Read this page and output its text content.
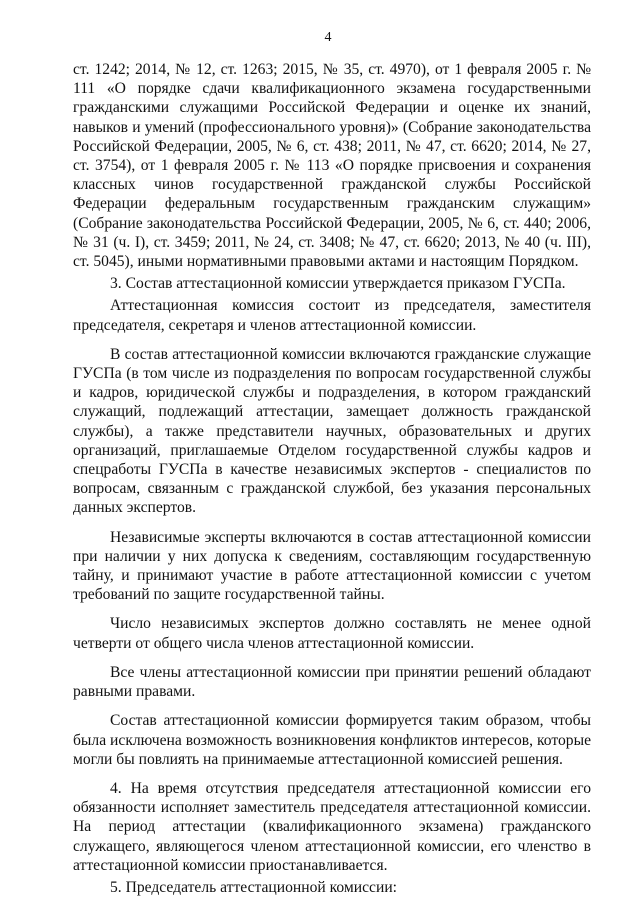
4

ст. 1242; 2014, № 12, ст. 1263; 2015, № 35, ст. 4970), от 1 февраля 2005 г. № 111 «О порядке сдачи квалификационного экзамена государственными гражданскими служащими Российской Федерации и оценке их знаний, навыков и умений (профессионального уровня)» (Собрание законодательства Российской Федерации, 2005, № 6, ст. 438; 2011, № 47, ст. 6620; 2014, № 27, ст. 3754), от 1 февраля 2005 г. № 113 «О порядке присвоения и сохранения классных чинов государственной гражданской службы Российской Федерации федеральным государственным гражданским служащим» (Собрание законодательства Российской Федерации, 2005, № 6, ст. 440; 2006, № 31 (ч. I), ст. 3459; 2011, № 24, ст. 3408; № 47, ст. 6620; 2013, № 40 (ч. III), ст. 5045), иными нормативными правовыми актами и настоящим Порядком.

3. Состав аттестационной комиссии утверждается приказом ГУСПа.

Аттестационная комиссия состоит из председателя, заместителя председателя, секретаря и членов аттестационной комиссии.

В состав аттестационной комиссии включаются гражданские служащие ГУСПа (в том числе из подразделения по вопросам государственной службы и кадров, юридической службы и подразделения, в котором гражданский служащий, подлежащий аттестации, замещает должность гражданской службы), а также представители научных, образовательных и других организаций, приглашаемые Отделом государственной службы кадров и спецработы ГУСПа в качестве независимых экспертов - специалистов по вопросам, связанным с гражданской службой, без указания персональных данных экспертов.

Независимые эксперты включаются в состав аттестационной комиссии при наличии у них допуска к сведениям, составляющим государственную тайну, и принимают участие в работе аттестационной комиссии с учетом требований по защите государственной тайны.

Число независимых экспертов должно составлять не менее одной четверти от общего числа членов аттестационной комиссии.

Все члены аттестационной комиссии при принятии решений обладают равными правами.

Состав аттестационной комиссии формируется таким образом, чтобы была исключена возможность возникновения конфликтов интересов, которые могли бы повлиять на принимаемые аттестационной комиссией решения.

4. На время отсутствия председателя аттестационной комиссии его обязанности исполняет заместитель председателя аттестационной комиссии. На период аттестации (квалификационного экзамена) гражданского служащего, являющегося членом аттестационной комиссии, его членство в аттестационной комиссии приостанавливается.

5. Председатель аттестационной комиссии:
